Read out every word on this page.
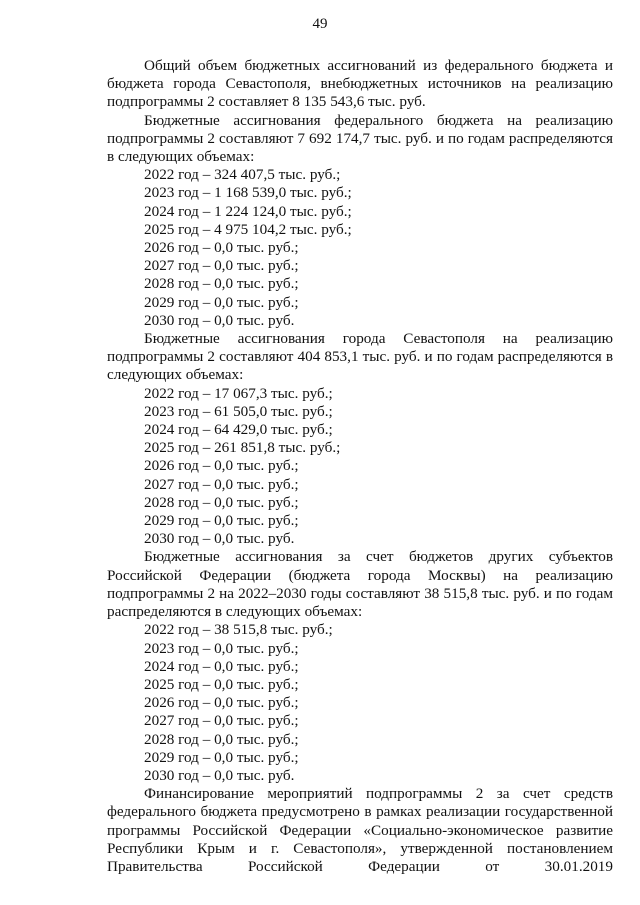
49

Общий объем бюджетных ассигнований из федерального бюджета и бюджета города Севастополя, внебюджетных источников на реализацию подпрограммы 2 составляет 8 135 543,6 тыс. руб.

Бюджетные ассигнования федерального бюджета на реализацию подпрограммы 2 составляют 7 692 174,7 тыс. руб. и по годам распределяются в следующих объемах:

2022 год – 324 407,5 тыс. руб.;

2023 год – 1 168 539,0 тыс. руб.;

2024 год – 1 224 124,0 тыс. руб.;

2025 год – 4 975 104,2 тыс. руб.;

2026 год – 0,0 тыс. руб.;

2027 год – 0,0 тыс. руб.;

2028 год – 0,0 тыс. руб.;

2029 год – 0,0 тыс. руб.;

2030 год – 0,0 тыс. руб.

Бюджетные ассигнования города Севастополя на реализацию подпрограммы 2 составляют 404 853,1 тыс. руб. и по годам распределяются в следующих объемах:

2022 год – 17 067,3 тыс. руб.;

2023 год – 61 505,0 тыс. руб.;

2024 год – 64 429,0 тыс. руб.;

2025 год – 261 851,8 тыс. руб.;

2026 год – 0,0 тыс. руб.;

2027 год – 0,0 тыс. руб.;

2028 год – 0,0 тыс. руб.;

2029 год – 0,0 тыс. руб.;

2030 год – 0,0 тыс. руб.

Бюджетные ассигнования за счет бюджетов других субъектов Российской Федерации (бюджета города Москвы) на реализацию подпрограммы 2 на 2022–2030 годы составляют 38 515,8 тыс. руб. и по годам распределяются в следующих объемах:

2022 год – 38 515,8 тыс. руб.;

2023 год – 0,0 тыс. руб.;

2024 год – 0,0 тыс. руб.;

2025 год – 0,0 тыс. руб.;

2026 год – 0,0 тыс. руб.;

2027 год – 0,0 тыс. руб.;

2028 год – 0,0 тыс. руб.;

2029 год – 0,0 тыс. руб.;

2030 год – 0,0 тыс. руб.

Финансирование мероприятий подпрограммы 2 за счет средств федерального бюджета предусмотрено в рамках реализации государственной программы Российской Федерации «Социально-экономическое развитие Республики Крым и г. Севастополя», утвержденной постановлением Правительства Российской Федерации от 30.01.2019
